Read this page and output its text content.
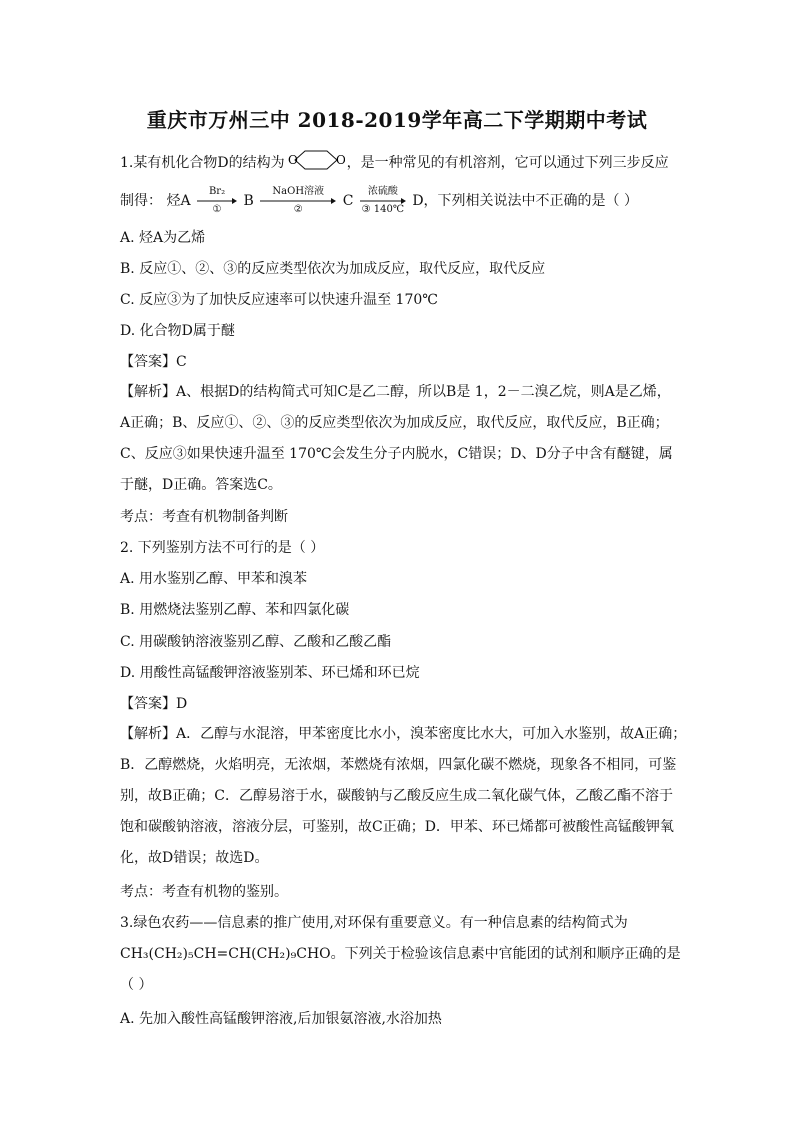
重庆市万州三中 2018-2019学年高二下学期期中考试
1.某有机化合物D的结构为 O	O ，是一种常见的有机溶剂，它可以通过下列三步反应
制得： 烃A
Br₂
①
B
NaOH溶液
②
C
浓硫酸
③ 140℃
D，下列相关说法中不正确的是（ ）
A. 烃A为乙烯
B. 反应①、②、③的反应类型依次为加成反应，取代反应，取代反应
C. 反应③为了加快反应速率可以快速升温至 170℃
D. 化合物D属于醚
【答案】C
【解析】A、根据D的结构简式可知C是乙二醇，所以B是 1，2－二溴乙烷，则A是乙烯，
A正确；B、反应①、②、③的反应类型依次为加成反应，取代反应，取代反应，B正确；
C、反应③如果快速升温至 170℃会发生分子内脱水，C错误；D、D分子中含有醚键，属
于醚，D正确。答案选C。
考点：考查有机物制备判断
2. 下列鉴别方法不可行的是（ ）
A. 用水鉴别乙醇、甲苯和溴苯
B. 用燃烧法鉴别乙醇、苯和四氯化碳
C. 用碳酸钠溶液鉴别乙醇、乙酸和乙酸乙酯
D. 用酸性高锰酸钾溶液鉴别苯、环已烯和环已烷
【答案】D
【解析】A．乙醇与水混溶，甲苯密度比水小，溴苯密度比水大，可加入水鉴别，故A正确；
B．乙醇燃烧，火焰明亮，无浓烟，苯燃烧有浓烟，四氯化碳不燃烧，现象各不相同，可鉴
别，故B正确；C．乙醇易溶于水，碳酸钠与乙酸反应生成二氧化碳气体，乙酸乙酯不溶于
饱和碳酸钠溶液，溶液分层，可鉴别，故C正确；D．甲苯、环已烯都可被酸性高锰酸钾氧
化，故D错误；故选D。
考点：考查有机物的鉴别。
3.绿色农药——信息素的推广使用,对环保有重要意义。有一种信息素的结构简式为
CH₃(CH₂)₅CH=CH(CH₂)₉CHO。下列关于检验该信息素中官能团的试剂和顺序正确的是
（ ）
A. 先加入酸性高锰酸钾溶液,后加银氨溶液,水浴加热
